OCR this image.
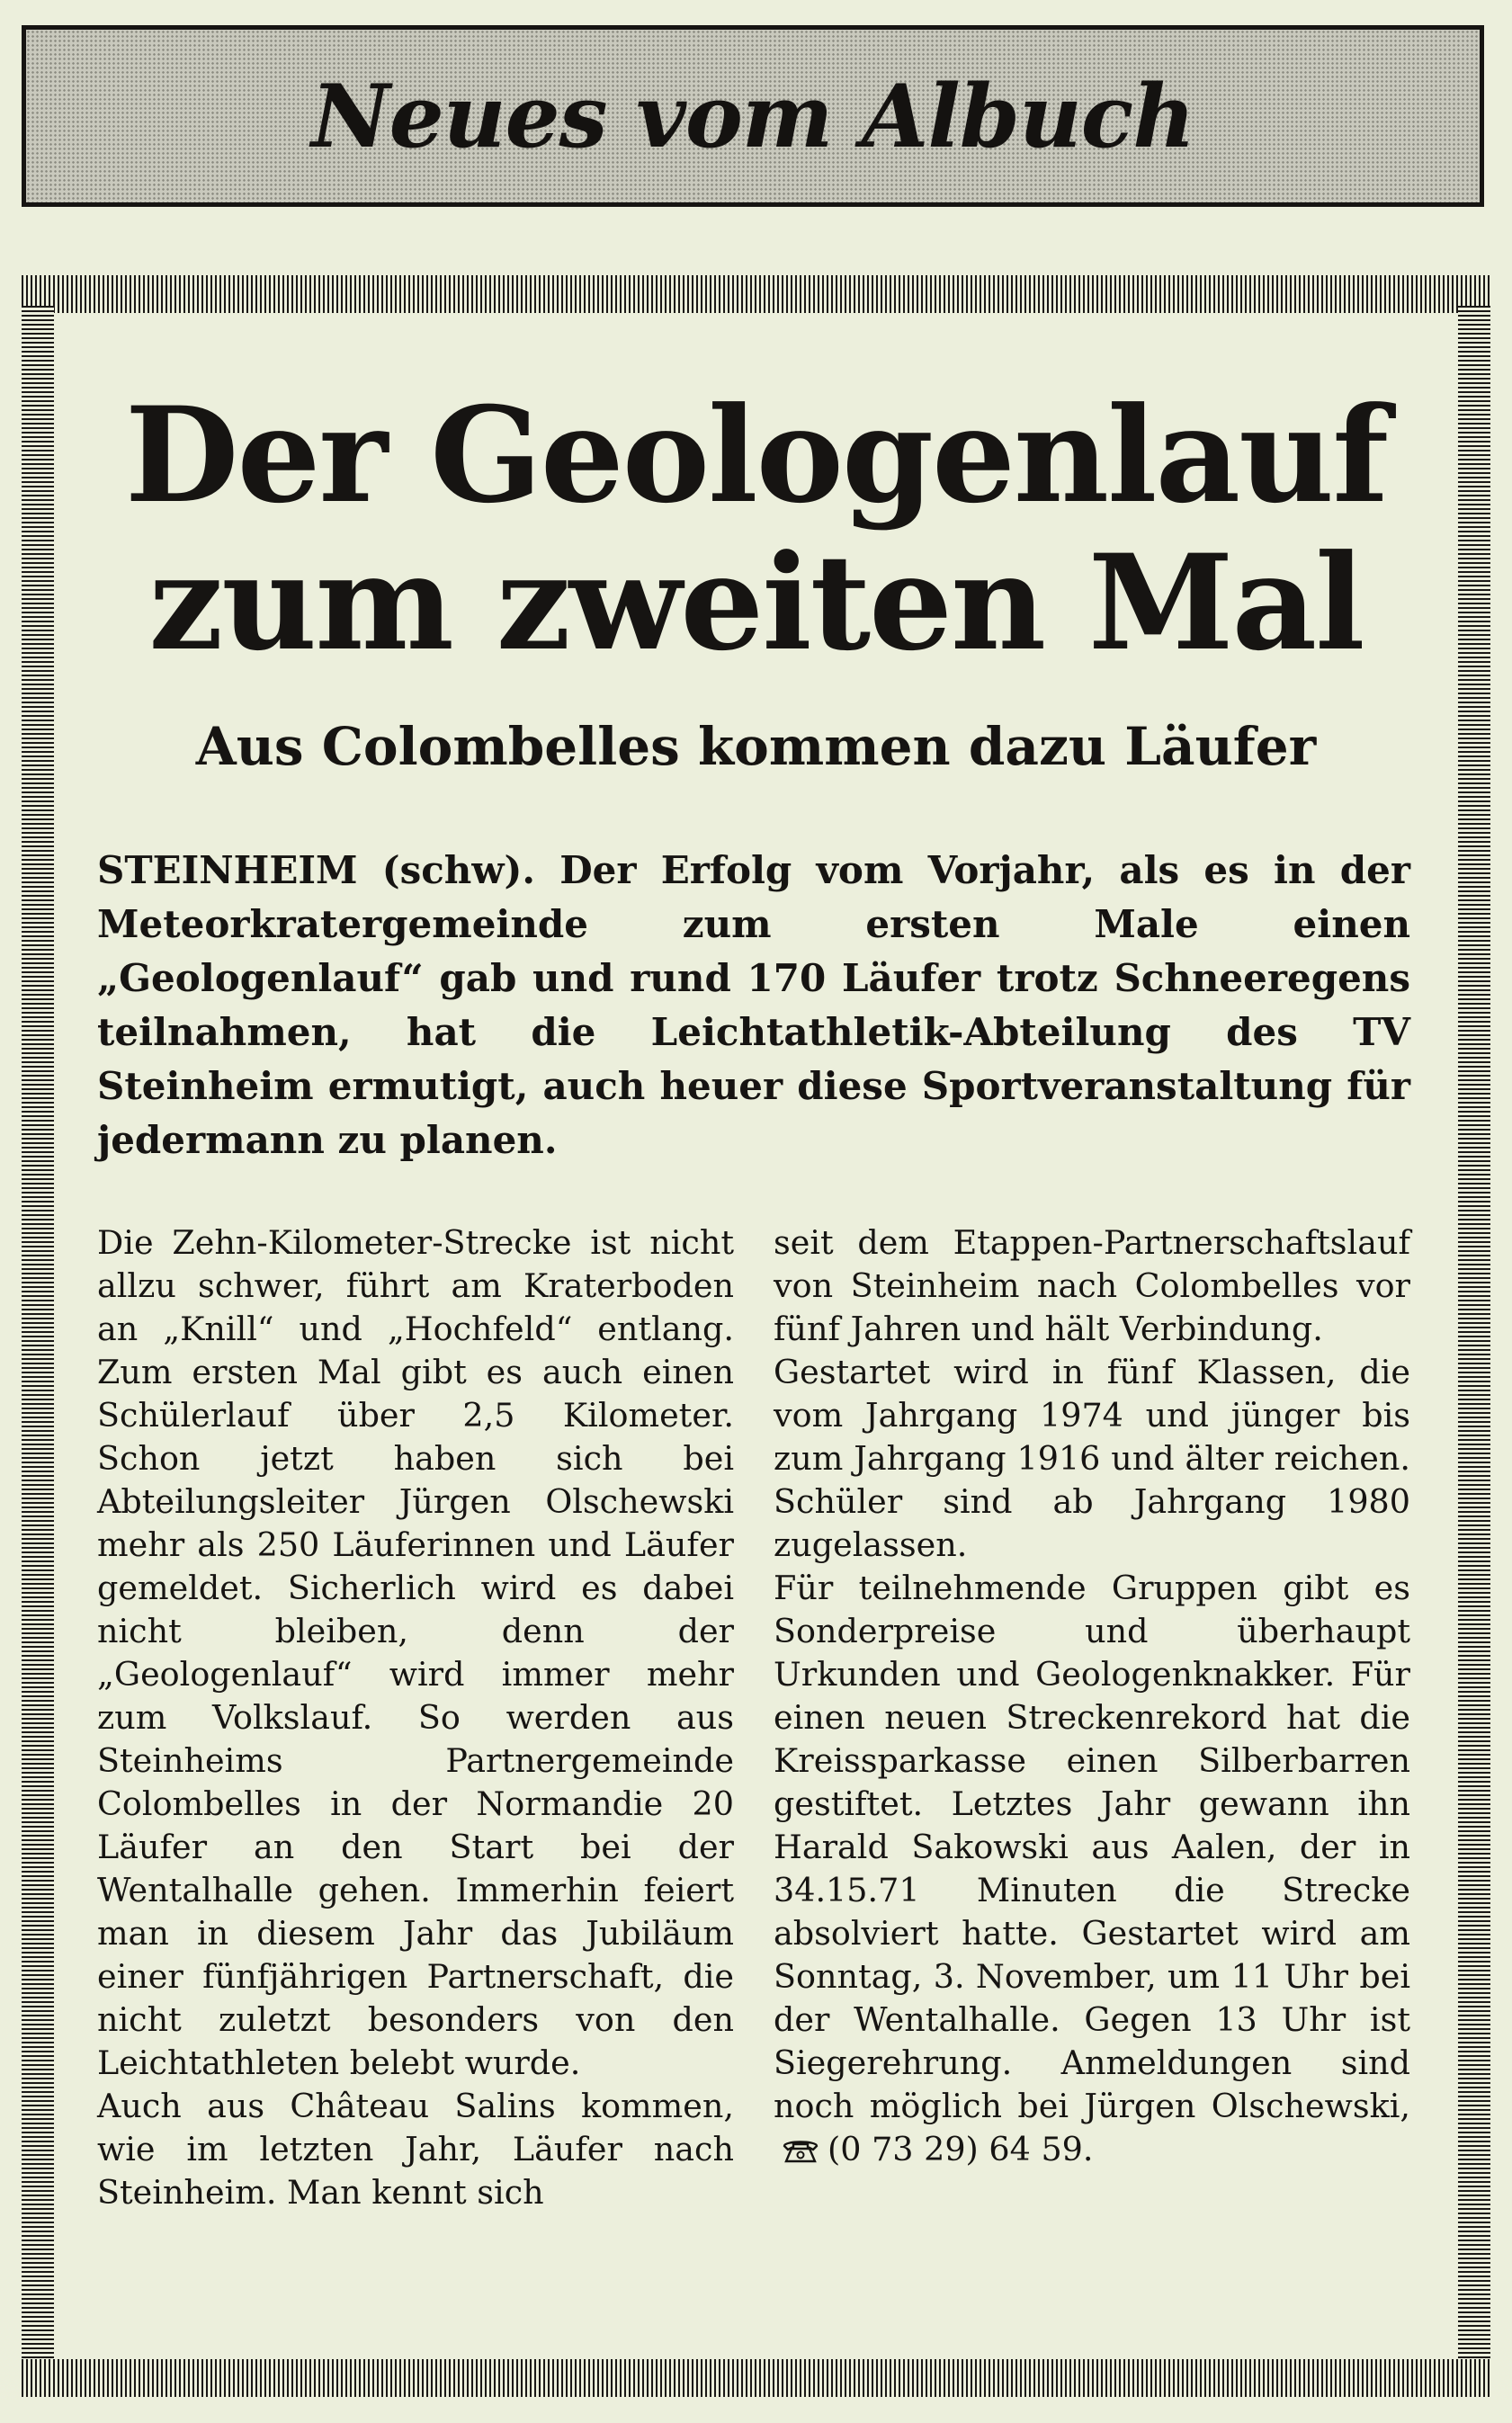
Neues vom Albuch
Der Geologenlauf zum zweiten Mal
Aus Colombelles kommen dazu Läufer

STEINHEIM (schw). Der Erfolg vom Vorjahr, als es in der Meteorkratergemeinde zum ersten Male einen „Geologenlauf“ gab und rund 170 Läufer trotz Schneeregens teilnahmen, hat die Leichtathletik-Abteilung des TV Steinheim ermutigt, auch heuer diese Sportveranstaltung für jedermann zu planen.

Die Zehn-Kilometer-Strecke ist nicht allzu schwer, führt am Kraterboden an „Knill“ und „Hochfeld“ entlang. Zum ersten Mal gibt es auch einen Schülerlauf über 2,5 Kilometer. Schon jetzt haben sich bei Abteilungsleiter Jürgen Olschewski mehr als 250 Läuferinnen und Läufer gemeldet. Sicherlich wird es dabei nicht bleiben, denn der „Geologenlauf“ wird immer mehr zum Volkslauf. So werden aus Steinheims Partnergemeinde Colombelles in der Normandie 20 Läufer an den Start bei der Wentalhalle gehen. Immerhin feiert man in diesem Jahr das Jubiläum einer fünfjährigen Partnerschaft, die nicht zuletzt besonders von den Leichtathleten belebt wurde.

Auch aus Château Salins kommen, wie im letzten Jahr, Läufer nach Steinheim. Man kennt sich

seit dem Etappen-Partnerschaftslauf von Steinheim nach Colombelles vor fünf Jahren und hält Verbindung.

Gestartet wird in fünf Klassen, die vom Jahrgang 1974 und jünger bis zum Jahrgang 1916 und älter reichen. Schüler sind ab Jahrgang 1980 zugelassen.

Für teilnehmende Gruppen gibt es Sonderpreise und überhaupt Urkunden und Geologenknakker. Für einen neuen Streckenrekord hat die Kreissparkasse einen Silberbarren gestiftet. Letztes Jahr gewann ihn Harald Sakowski aus Aalen, der in 34.15.71 Minuten die Strecke absolviert hatte. Gestartet wird am Sonntag, 3. November, um 11 Uhr bei der Wentalhalle. Gegen 13 Uhr ist Siegerehrung. Anmeldungen sind noch möglich bei Jürgen Olschewski,(0 73 29) 64 59.
